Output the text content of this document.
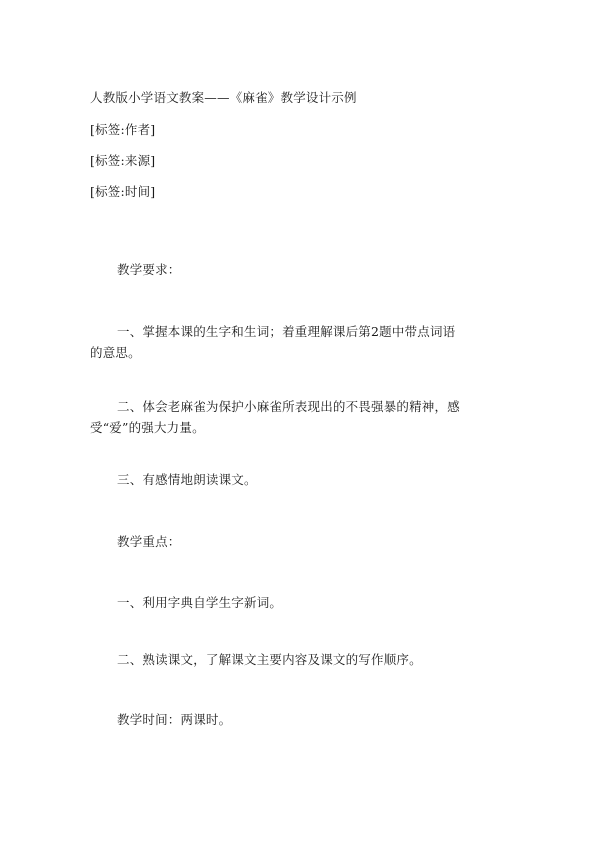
人教版小学语文教案——《麻雀》教学设计示例
[标签:作者]
[标签:来源]
[标签:时间]
教学要求：
一、掌握本课的生字和生词；着重理解课后第2题中带点词语的意思。
二、体会老麻雀为保护小麻雀所表现出的不畏强暴的精神，感受“爱”的强大力量。
三、有感情地朗读课文。
教学重点：
一、利用字典自学生字新词。
二、熟读课文，了解课文主要内容及课文的写作顺序。
教学时间：两课时。
